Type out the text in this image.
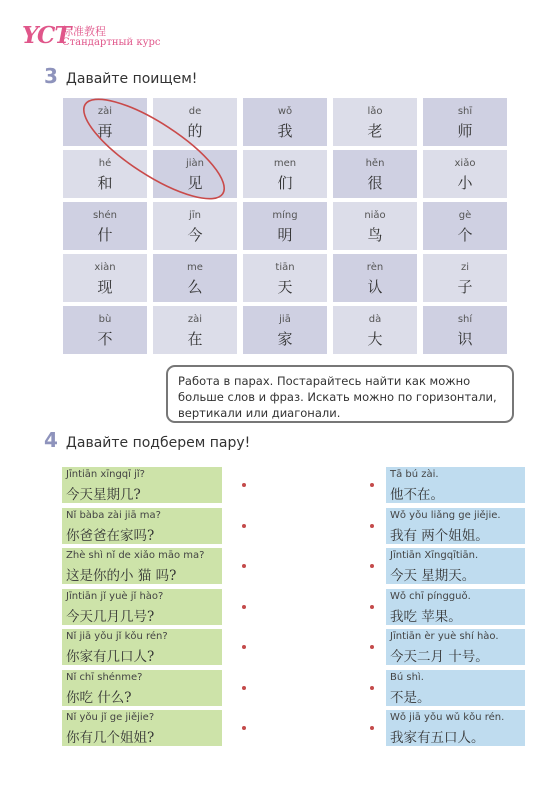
YCT
标准教程
Стандартный курс
3 Давайте поищем!
zài
再
de
的
wǒ
我
lǎo
老
shī
师
hé
和
jiàn
见
men
们
hěn
很
xiǎo
小
shén
什
jīn
今
míng
明
niǎo
鸟
gè
个
xiàn
现
me
么
tiān
天
rèn
认
zi
子
bù
不
zài
在
jiā
家
dà
大
shí
识
Работа в парах. Постарайтесь найти как можно больше слов и фраз. Искать можно по горизонтали, вертикали или диагонали.
4 Давайте подберем пару!
Jīntiān xīngqī jǐ?
今天星期几?
Tā bú zài.
他不在。
Nǐ bàba zài jiā ma?
你爸爸在家吗?
Wǒ yǒu liǎng ge jiějie.
我有 两个姐姐。
Zhè shì nǐ de xiǎo māo ma?
这是你的小 猫 吗?
Jīntiān Xīngqītiān.
今天 星期天。
Jīntiān jǐ yuè jǐ hào?
今天几月几号?
Wǒ chī píngguǒ.
我吃 苹果。
Nǐ jiā yǒu jǐ kǒu rén?
你家有几口人?
Jīntiān èr yuè shí hào.
今天二月 十号。
Nǐ chī shénme?
你吃 什么?
Bú shì.
不是。
Nǐ yǒu jǐ ge jiějie?
你有几个姐姐?
Wǒ jiā yǒu wǔ kǒu rén.
我家有五口人。
